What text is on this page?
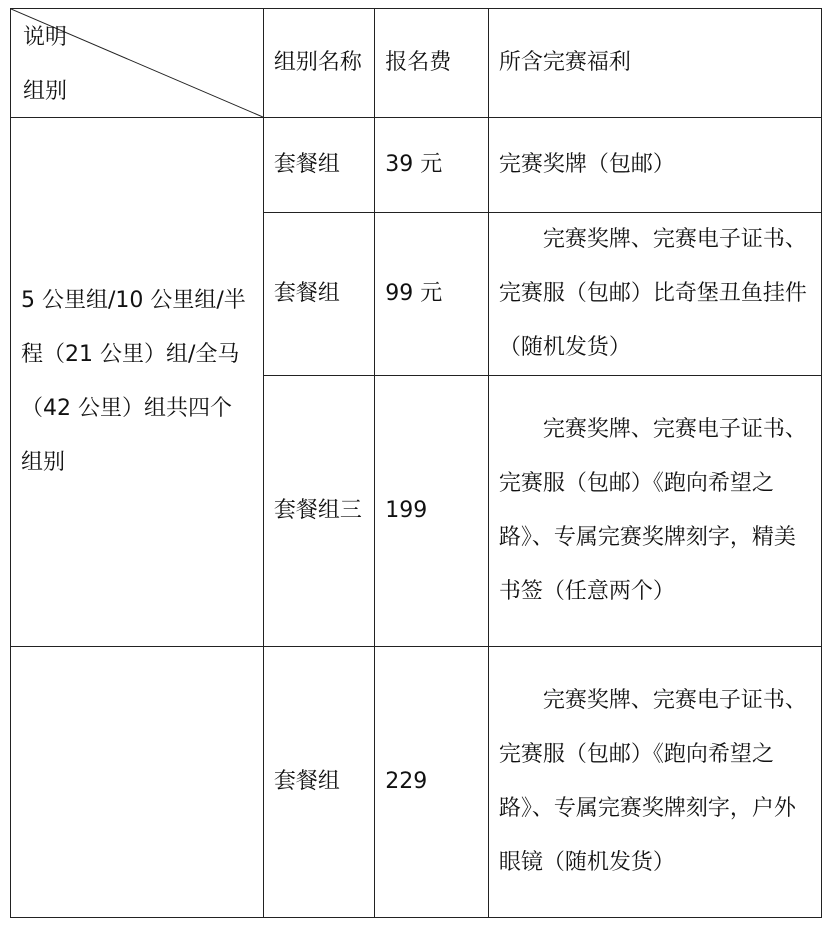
说明
组别	组别名称	报名费	所含完赛福利
5 公里组/10 公里组/半程（21 公里）组/全马（42 公里）组共四个组别	套餐组	39 元	完赛奖牌（包邮）
	套餐组	99 元	完赛奖牌、完赛电子证书、完赛服（包邮）比奇堡丑鱼挂件（随机发货）
	套餐组三	199	完赛奖牌、完赛电子证书、完赛服（包邮）《跑向希望之路》、专属完赛奖牌刻字，精美书签（任意两个）
	套餐组	229	完赛奖牌、完赛电子证书、完赛服（包邮）《跑向希望之路》、专属完赛奖牌刻字，户外眼镜（随机发货）
